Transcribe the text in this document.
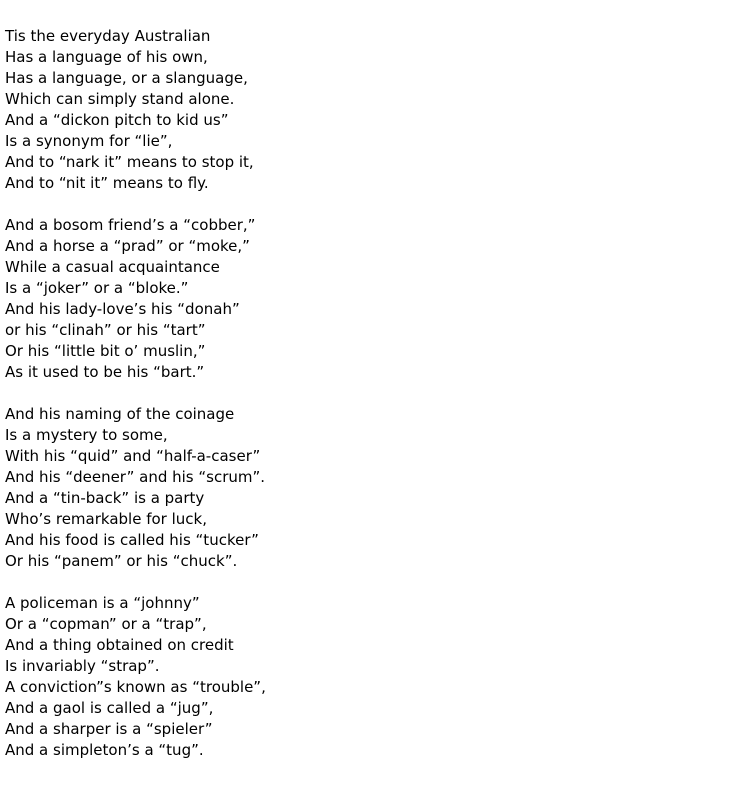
Tis the everyday Australian
Has a language of his own,
Has a language, or a slanguage,
Which can simply stand alone.
And a “dickon pitch to kid us”
Is a synonym for “lie”,
And to “nark it” means to stop it,
And to “nit it” means to fly.
And a bosom friend’s a “cobber,”
And a horse a “prad” or “moke,”
While a casual acquaintance
Is a “joker” or a “bloke.”
And his lady-love’s his “donah”
or his “clinah” or his “tart”
Or his “little bit o’ muslin,”
As it used to be his “bart.”
And his naming of the coinage
Is a mystery to some,
With his “quid” and “half-a-caser”
And his “deener” and his “scrum”.
And a “tin-back” is a party
Who’s remarkable for luck,
And his food is called his “tucker”
Or his “panem” or his “chuck”.
A policeman is a “johnny”
Or a “copman” or a “trap”,
And a thing obtained on credit
Is invariably “strap”.
A conviction”s known as “trouble”,
And a gaol is called a “jug”,
And a sharper is a “spieler”
And a simpleton’s a “tug”.
